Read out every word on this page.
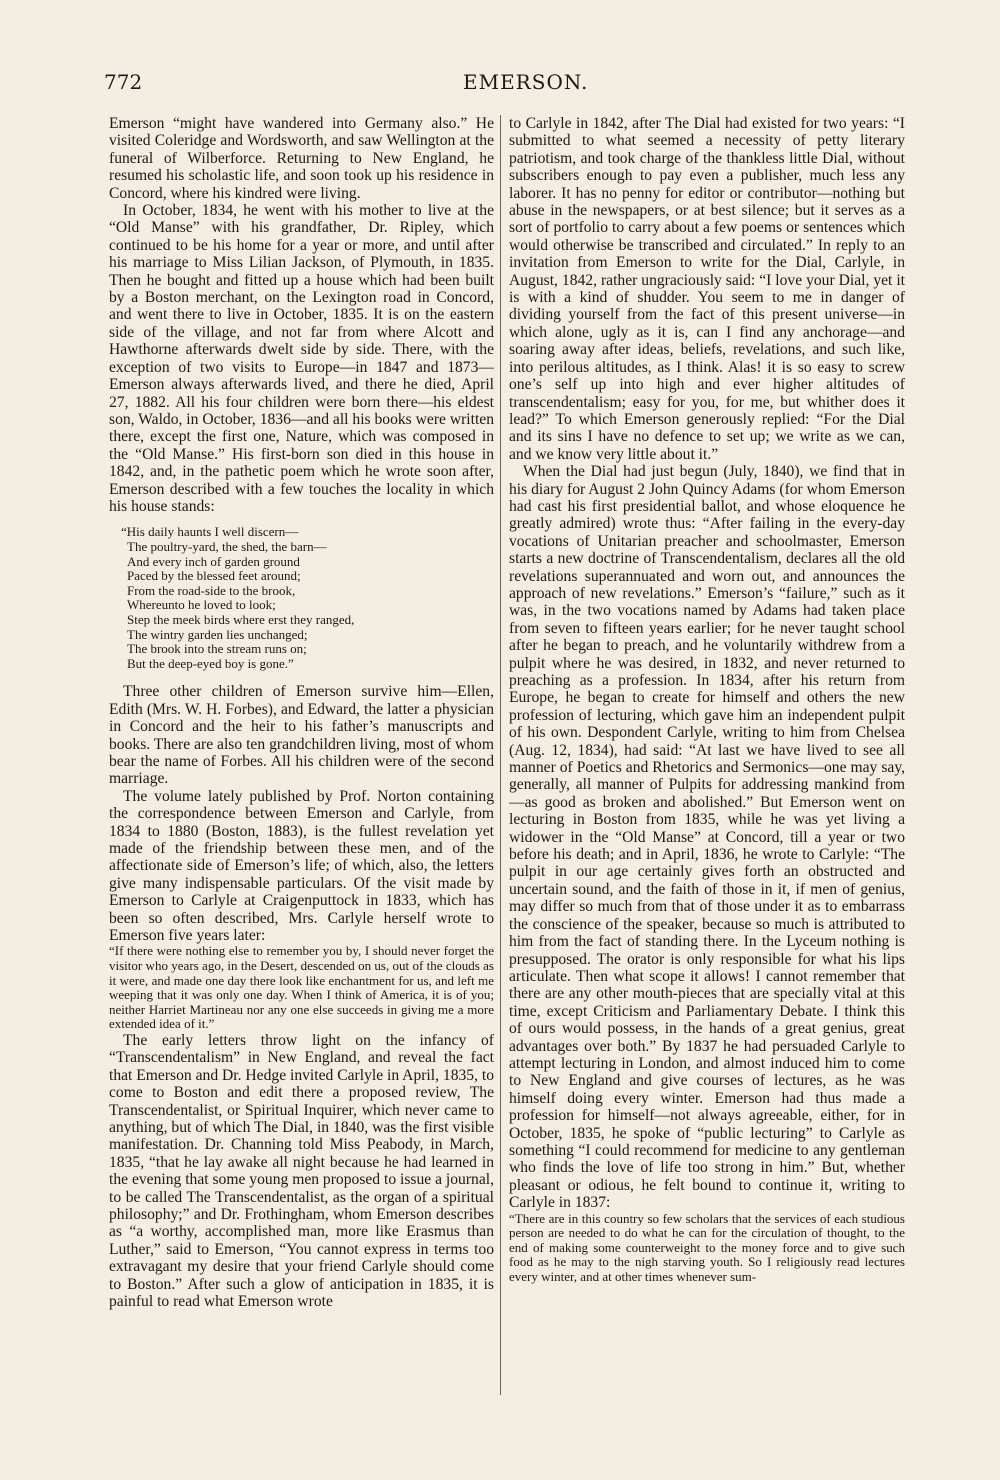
772	EMERSON.

Emerson “might have wandered into Germany also.” He visited Coleridge and Wordsworth, and saw Wellington at the funeral of Wilberforce. Returning to New England, he resumed his scholastic life, and soon took up his residence in Concord, where his kindred were living.

In October, 1834, he went with his mother to live at the “Old Manse” with his grandfather, Dr. Ripley, which continued to be his home for a year or more, and until after his marriage to Miss Lilian Jackson, of Plymouth, in 1835. Then he bought and fitted up a house which had been built by a Boston merchant, on the Lexington road in Concord, and went there to live in October, 1835. It is on the eastern side of the village, and not far from where Alcott and Hawthorne afterwards dwelt side by side. There, with the exception of two visits to Europe—in 1847 and 1873—Emerson always afterwards lived, and there he died, April 27, 1882. All his four children were born there—his eldest son, Waldo, in October, 1836—and all his books were written there, except the first one, Nature, which was composed in the “Old Manse.” His first-born son died in this house in 1842, and, in the pathetic poem which he wrote soon after, Emerson described with a few touches the locality in which his house stands:

“His daily haunts I well discern—
The poultry-yard, the shed, the barn—
And every inch of garden ground
Paced by the blessed feet around;
From the road-side to the brook,
Whereunto he loved to look;
Step the meek birds where erst they ranged,
The wintry garden lies unchanged;
The brook into the stream runs on;
But the deep-eyed boy is gone.”

Three other children of Emerson survive him—Ellen, Edith (Mrs. W. H. Forbes), and Edward, the latter a physician in Concord and the heir to his father’s manuscripts and books. There are also ten grandchildren living, most of whom bear the name of Forbes. All his children were of the second marriage.

The volume lately published by Prof. Norton containing the correspondence between Emerson and Carlyle, from 1834 to 1880 (Boston, 1883), is the fullest revelation yet made of the friendship between these men, and of the affectionate side of Emerson’s life; of which, also, the letters give many indispensable particulars. Of the visit made by Emerson to Carlyle at Craigenputtock in 1833, which has been so often described, Mrs. Carlyle herself wrote to Emerson five years later:

“If there were nothing else to remember you by, I should never forget the visitor who years ago, in the Desert, descended on us, out of the clouds as it were, and made one day there look like enchantment for us, and left me weeping that it was only one day. When I think of America, it is of you; neither Harriet Martineau nor any one else succeeds in giving me a more extended idea of it.”

The early letters throw light on the infancy of “Transcendentalism” in New England, and reveal the fact that Emerson and Dr. Hedge invited Carlyle in April, 1835, to come to Boston and edit there a proposed review, The Transcendentalist, or Spiritual Inquirer, which never came to anything, but of which The Dial, in 1840, was the first visible manifestation. Dr. Channing told Miss Peabody, in March, 1835, “that he lay awake all night because he had learned in the evening that some young men proposed to issue a journal, to be called The Transcendentalist, as the organ of a spiritual philosophy;” and Dr. Frothingham, whom Emerson describes as “a worthy, accomplished man, more like Erasmus than Luther,” said to Emerson, “You cannot express in terms too extravagant my desire that your friend Carlyle should come to Boston.” After such a glow of anticipation in 1835, it is painful to read what Emerson wrote

to Carlyle in 1842, after The Dial had existed for two years: “I submitted to what seemed a necessity of petty literary patriotism, and took charge of the thankless little Dial, without subscribers enough to pay even a publisher, much less any laborer. It has no penny for editor or contributor—nothing but abuse in the newspapers, or at best silence; but it serves as a sort of portfolio to carry about a few poems or sentences which would otherwise be transcribed and circulated.” In reply to an invitation from Emerson to write for the Dial, Carlyle, in August, 1842, rather ungraciously said: “I love your Dial, yet it is with a kind of shudder. You seem to me in danger of dividing yourself from the fact of this present universe—in which alone, ugly as it is, can I find any anchorage—and soaring away after ideas, beliefs, revelations, and such like, into perilous altitudes, as I think. Alas! it is so easy to screw one’s self up into high and ever higher altitudes of transcendentalism; easy for you, for me, but whither does it lead?” To which Emerson generously replied: “For the Dial and its sins I have no defence to set up; we write as we can, and we know very little about it.”

When the Dial had just begun (July, 1840), we find that in his diary for August 2 John Quincy Adams (for whom Emerson had cast his first presidential ballot, and whose eloquence he greatly admired) wrote thus: “After failing in the every-day vocations of Unitarian preacher and schoolmaster, Emerson starts a new doctrine of Transcendentalism, declares all the old revelations superannuated and worn out, and announces the approach of new revelations.” Emerson’s “failure,” such as it was, in the two vocations named by Adams had taken place from seven to fifteen years earlier; for he never taught school after he began to preach, and he voluntarily withdrew from a pulpit where he was desired, in 1832, and never returned to preaching as a profession. In 1834, after his return from Europe, he began to create for himself and others the new profession of lecturing, which gave him an independent pulpit of his own. Despondent Carlyle, writing to him from Chelsea (Aug. 12, 1834), had said: “At last we have lived to see all manner of Poetics and Rhetorics and Sermonics—one may say, generally, all manner of Pulpits for addressing mankind from—as good as broken and abolished.” But Emerson went on lecturing in Boston from 1835, while he was yet living a widower in the “Old Manse” at Concord, till a year or two before his death; and in April, 1836, he wrote to Carlyle: “The pulpit in our age certainly gives forth an obstructed and uncertain sound, and the faith of those in it, if men of genius, may differ so much from that of those under it as to embarrass the conscience of the speaker, because so much is attributed to him from the fact of standing there. In the Lyceum nothing is presupposed. The orator is only responsible for what his lips articulate. Then what scope it allows! I cannot remember that there are any other mouth-pieces that are specially vital at this time, except Criticism and Parliamentary Debate. I think this of ours would possess, in the hands of a great genius, great advantages over both.” By 1837 he had persuaded Carlyle to attempt lecturing in London, and almost induced him to come to New England and give courses of lectures, as he was himself doing every winter. Emerson had thus made a profession for himself—not always agreeable, either, for in October, 1835, he spoke of “public lecturing” to Carlyle as something “I could recommend for medicine to any gentleman who finds the love of life too strong in him.” But, whether pleasant or odious, he felt bound to continue it, writing to Carlyle in 1837:

“There are in this country so few scholars that the services of each studious person are needed to do what he can for the circulation of thought, to the end of making some counterweight to the money force and to give such food as he may to the nigh starving youth. So I religiously read lectures every winter, and at other times whenever sum-
